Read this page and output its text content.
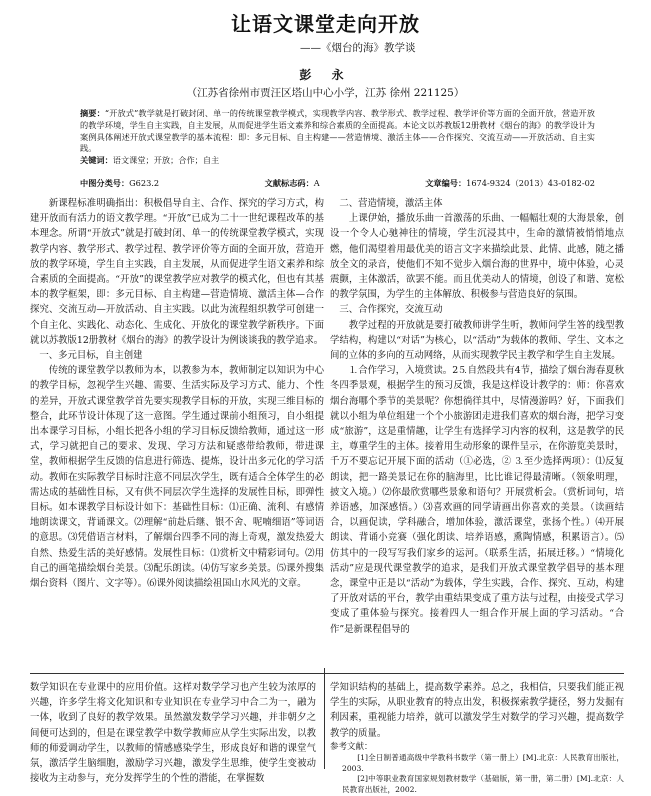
让语文课堂走向开放
——《烟台的海》教学谈
彭 永
（江苏省徐州市贾汪区塔山中心小学，江苏 徐州 221125）
摘要：“开放式”教学就是打破封闭、单一的传统课堂教学模式，实现教学内容、教学形式、教学过程、教学评价等方面的全面开放，营造开放的教学环境，学生自主实践，自主发展，从而促进学生语文素养和综合素质的全面提高。本论文以苏教版12册教材《烟台的海》的教学设计为案例具体阐述开放式课堂教学的基本流程：即：多元目标、自主构建——营造情境、激活主体——合作探究、交流互动——开放活动、自主实践。
关键词：语文课堂；开放；合作；自主
中图分类号：G623.2	文献标志码：A	文章编号：1674-9324（2013）43-0182-02

新课程标准明确指出：积极倡导自主、合作、探究的学习方式，构建开放而有活力的语文教学理。“开放”已成为二十一世纪课程改革的基本理念。所谓“开放式”就是打破封闭、单一的传统课堂教学模式，实现教学内容、教学形式、教学过程、教学评价等方面的全面开放，营造开放的教学环境，学生自主实践，自主发展，从而促进学生语文素养和综合素质的全面提高。“开放”的课堂教学应对教学的模式化，但也有其基本的教学框架，即：多元目标、自主构建—营造情境、激活主体—合作探究、交流互动—开放活动、自主实践。以此为流程组织教学可创建一个自主化、实践化、动态化、生成化、开放化的课堂教学新秩序。下面就以苏教版12册教材《烟台的海》的教学设计为例谈谈我的教学追求。

一、多元目标，自主创建

传统的课堂教学以教师为本，以教参为本，教师制定以知识为中心的教学目标，忽视学生兴趣、需要、生活实际及学习方式、能力、个性的差异，开放式课堂教学首先要实现教学目标的开放，实现三维目标的整合，此环节设计体现了这一意图。学生通过课前小组预习，自小组提出本课学习目标，小组长把各小组的学习目标反馈给教师，通过这一形式，学习就把自己的要求、发现、学习方法和疑惑带给教师，带进课堂，教师根据学生反馈的信息进行筛选、提炼，设计出多元化的学习活动。教师在实际教学目标时注意不同层次学生，既有适合全体学生的必需达成的基础性目标，又有供不同层次学生选择的发展性目标，即弹性目标。如本课教学目标设计如下：基础性目标：⑴正确、流利、有感情地朗读课文，背诵课文。⑵理解“前赴后继、银不舍、呢喃细语”等词语的意思。⑶凭借语言材料，了解烟台四季不同的海上奇观，激发热爱大自然、热爱生活的美好感情。发展性目标：⑴赏析文中精彩词句。⑵用自己的画笔描绘烟台美景。⑶配乐朗读。⑷仿写家乡美景。⑸课外搜集烟台资料（图片、文字等）。⑹课外阅读描绘祖国山水风光的文章。

二、营造情境，激活主体

上课伊始，播放乐曲一首激荡的乐曲、一幅幅壮观的大海景象，创设一个令人心驰神往的情境，学生沉浸其中，生命的激情被悄悄地点燃，他们渴望着用最优美的语言文字来描绘此景、此情、此感，随之播放全文的录音，使他们不知不觉步入烟台海的世界中，境中体验，心灵震颤，主体激活，欲罢不能。而且优美动人的情境，创设了和谐、宽松的教学氛围，为学生的主体解放、积极参与营造良好的氛围。

三、合作探究，交流互动

教学过程的开放就是要打破教师讲学生听，教师问学生答的线型教学结构，构建以“对话”为核心，以“活动”为载体的教师、学生、文本之间的立体的多向的互动网络，从而实现教学民主教学和学生自主发展。

⒈合作学习，入境赏读。2⒌自然段共有4节，描绘了烟台海春夏秋冬四季景观，根据学生的预习反馈，我是这样设计教学的：师：你喜欢烟台海哪个季节的美景呢？你想徜徉其中，尽情漫游吗？好，下面我们就以小组为单位组建一个个小旅游团走进我们喜欢的烟台海，把学习变成“旅游”，这是重情趣，让学生有选择学习内容的权利，这是教学的民主，尊重学生的主体。接着用生动形象的课件呈示，在你游览美景时，千万不要忘记开展下面的活动（①必选，② ⒊至少选择两项）：⑴反复朗读，把一路美景记在你的脑海里，比比谁记得最清晰。（领象明理，披文入境。）⑵你最欣赏哪些景象和语句？开展赏析会。（赏析词句，培养语感，加深感悟。）⑶喜欢画的同学请画出你喜欢的美景。（读画结合，以画促读，学科融合，增加体验，激活课堂，张扬个性。）⑷开展朗读、背诵小竞赛（强化朗读、培养语感，熏陶情感，积累语言）。⑸仿其中的一段写写我们家乡的运河。（联系生活，拓展迁移。）“情境化活动”应是现代课堂教学的追求，是我们开放式课堂教学倡导的基本理念，课堂中正是以“活动”为载体，学生实践，合作、探究、互动，构建了开放对话的平台，教学由重结果变成了重方法与过程，由接受式学习变成了重体验与探究。接着四人一组合作开展上面的学习活动。“合作”是新课程倡导的

数学知识在专业课中的应用价值。这样对数学学习也产生较为浓厚的兴趣，许多学生将文化知识和专业知识在专业学习中合二为一，融为一体，收到了良好的教学效果。虽然激发数学学习兴趣，并非朝夕之间便可达到的，但是在课堂教学中数学教师应从学生实际出发，以教师的师爱调动学生，以教师的情感感染学生，形成良好和谐的课堂气氛，激活学生脑细胞，激励学习兴趣，激发学生思维，使学生变被动接收为主动参与，充分发挥学生的个性的潜能，在掌握数

学知识结构的基础上，提高数学素养。总之，我相信，只要我们能正视学生的实际，从职业教育的特点出发，积极探索教学捷径，努力发掘有利因素，重视能力培养，就可以激发学生对数学的学习兴趣，提高数学教学的质量。

参考文献：

[1]全日制普通高级中学教科书数学（第一册上）[M].北京：人民教育出版社，2003.

[2]中等职业教育国家规划教材数学（基础版，第一册，第二册）[M].北京：人民教育出版社，2002.
